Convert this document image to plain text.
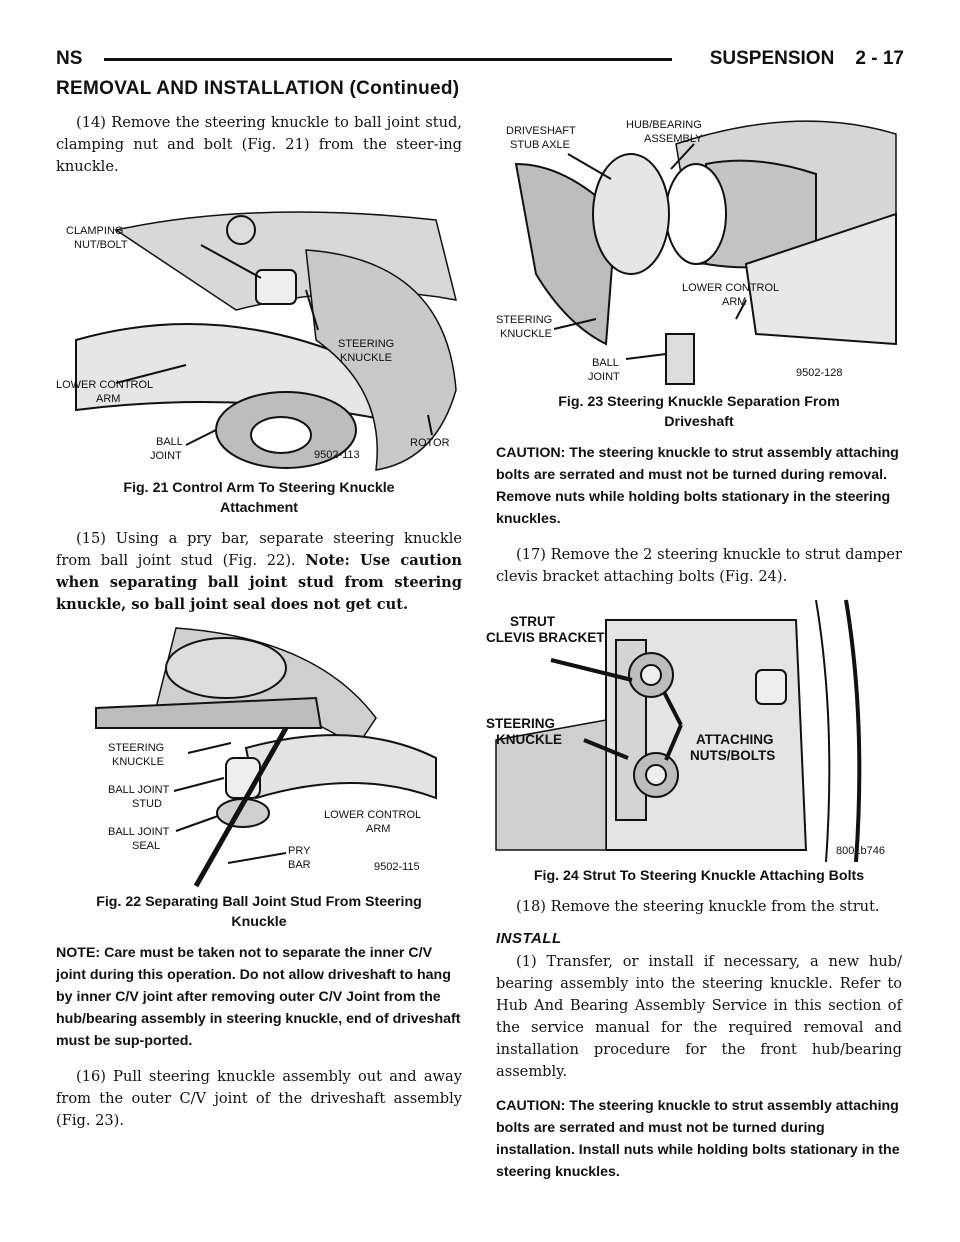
NS	SUSPENSION    2 - 17
REMOVAL AND INSTALLATION (Continued)

(14) Remove the steering knuckle to ball joint stud, clamping nut and bolt (Fig. 21) from the steer-ing knuckle.

CLAMPING
NUT/BOLT
STEERING
KNUCKLE
LOWER CONTROL
ARM
BALL
JOINT
ROTOR
9502-113
Fig. 21 Control Arm To Steering Knuckle
Attachment

(15) Using a pry bar, separate steering knuckle from ball joint stud (Fig. 22). Note: Use caution when separating ball joint stud from steering knuckle, so ball joint seal does not get cut.

STEERING
KNUCKLE
BALL JOINT
STUD
BALL JOINT
SEAL
LOWER CONTROL
ARM
PRY
BAR	9502-115
Fig. 22 Separating Ball Joint Stud From Steering
Knuckle

NOTE: Care must be taken not to separate the inner C/V joint during this operation. Do not allow driveshaft to hang by inner C/V joint after removing outer C/V Joint from the hub/bearing assembly in steering knuckle, end of driveshaft must be sup-ported.

(16) Pull steering knuckle assembly out and away from the outer C/V joint of the driveshaft assembly (Fig. 23).

DRIVESHAFT
STUB AXLE
HUB/BEARING
ASSEMBLY
LOWER CONTROL
ARM
STEERING
KNUCKLE
BALL
JOINT	9502-128
Fig. 23 Steering Knuckle Separation From
Driveshaft

CAUTION: The steering knuckle to strut assembly attaching bolts are serrated and must not be turned during removal. Remove nuts while holding bolts stationary in the steering knuckles.

(17) Remove the 2 steering knuckle to strut damper clevis bracket attaching bolts (Fig. 24).

STRUT
CLEVIS BRACKET
STEERING
KNUCKLE	ATTACHING
NUTS/BOLTS
8001b746
Fig. 24 Strut To Steering Knuckle Attaching Bolts

(18) Remove the steering knuckle from the strut.

INSTALL

(1) Transfer, or install if necessary, a new hub/ bearing assembly into the steering knuckle. Refer to Hub And Bearing Assembly Service in this section of the service manual for the required removal and installation procedure for the front hub/bearing assembly.

CAUTION: The steering knuckle to strut assembly attaching bolts are serrated and must not be turned during installation. Install nuts while holding bolts stationary in the steering knuckles.
